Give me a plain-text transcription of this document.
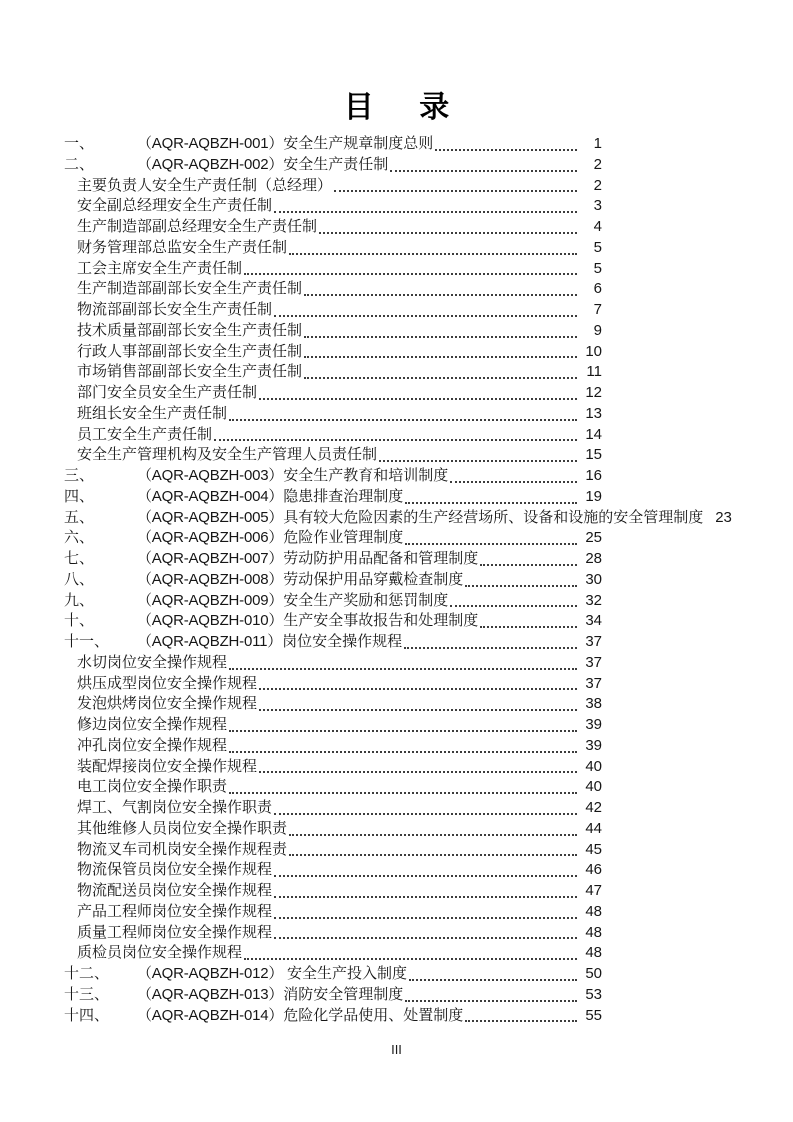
目 录
一、	（AQR-AQBZH-001） 安全生产规章制度总则	1
二、	（AQR-AQBZH-002） 安全生产责任制	2
主要负责人安全生产责任制（总经理）	2
安全副总经理安全生产责任制	3
生产制造部副总经理安全生产责任制	4
财务管理部总监安全生产责任制	5
工会主席安全生产责任制	5
生产制造部副部长安全生产责任制	6
物流部副部长安全生产责任制	7
技术质量部副部长安全生产责任制	9
行政人事部副部长安全生产责任制	10
市场销售部副部长安全生产责任制	11
部门安全员安全生产责任制	12
班组长安全生产责任制	13
员工安全生产责任制	14
安全生产管理机构及安全生产管理人员责任制	15
三、	（AQR-AQBZH-003） 安全生产教育和培训制度	16
四、	（AQR-AQBZH-004） 隐患排查治理制度	19
五、	（AQR-AQBZH-005） 具有较大危险因素的生产经营场所、设备和设施的安全管理制度 23
六、	（AQR-AQBZH-006） 危险作业管理制度	25
七、	（AQR-AQBZH-007） 劳动防护用品配备和管理制度	28
八、	（AQR-AQBZH-008） 劳动保护用品穿戴检查制度	30
九、	（AQR-AQBZH-009） 安全生产奖励和惩罚制度	32
十、	（AQR-AQBZH-010） 生产安全事故报告和处理制度	34
十一、	（AQR-AQBZH-011） 岗位安全操作规程	37
水切岗位安全操作规程	37
烘压成型岗位安全操作规程	37
发泡烘烤岗位安全操作规程	38
修边岗位安全操作规程	39
冲孔岗位安全操作规程	39
装配焊接岗位安全操作规程	40
电工岗位安全操作职责	40
焊工、气割岗位安全操作职责	42
其他维修人员岗位安全操作职责	44
物流叉车司机岗安全操作规程责	45
物流保管员岗位安全操作规程	46
物流配送员岗位安全操作规程	47
产品工程师岗位安全操作规程	48
质量工程师岗位安全操作规程	48
质检员岗位安全操作规程	48
十二、	（AQR-AQBZH-012） 安全生产投入制度	50
十三、	（AQR-AQBZH-013） 消防安全管理制度	53
十四、	（AQR-AQBZH-014） 危险化学品使用、处置制度	55
III
